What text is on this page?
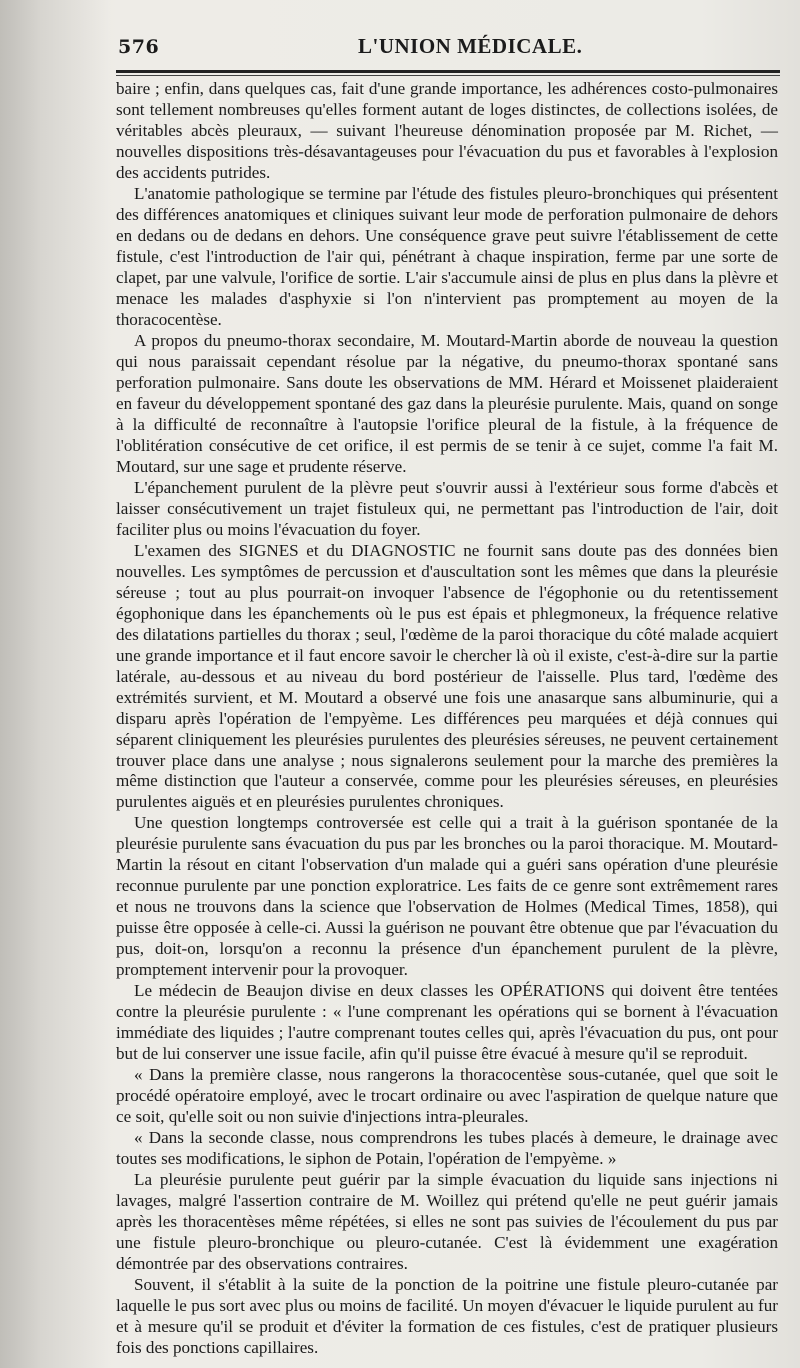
576	L'UNION MÉDICALE.

baire ; enfin, dans quelques cas, fait d'une grande importance, les adhérences costo-pulmonaires sont tellement nombreuses qu'elles forment autant de loges distinctes, de collections isolées, de véritables abcès pleuraux, — suivant l'heureuse dénomination proposée par M. Richet, — nouvelles dispositions très-désavantageuses pour l'évacuation du pus et favorables à l'explosion des accidents putrides.

L'anatomie pathologique se termine par l'étude des fistules pleuro-bronchiques qui présentent des différences anatomiques et cliniques suivant leur mode de perforation pulmonaire de dehors en dedans ou de dedans en dehors. Une conséquence grave peut suivre l'établissement de cette fistule, c'est l'introduction de l'air qui, pénétrant à chaque inspiration, ferme par une sorte de clapet, par une valvule, l'orifice de sortie. L'air s'accumule ainsi de plus en plus dans la plèvre et menace les malades d'asphyxie si l'on n'intervient pas promptement au moyen de la thoracocentèse.

A propos du pneumo-thorax secondaire, M. Moutard-Martin aborde de nouveau la question qui nous paraissait cependant résolue par la négative, du pneumo-thorax spontané sans perforation pulmonaire. Sans doute les observations de MM. Hérard et Moissenet plaideraient en faveur du développement spontané des gaz dans la pleurésie purulente. Mais, quand on songe à la difficulté de reconnaître à l'autopsie l'orifice pleural de la fistule, à la fréquence de l'oblitération consécutive de cet orifice, il est permis de se tenir à ce sujet, comme l'a fait M. Moutard, sur une sage et prudente réserve.

L'épanchement purulent de la plèvre peut s'ouvrir aussi à l'extérieur sous forme d'abcès et laisser consécutivement un trajet fistuleux qui, ne permettant pas l'introduction de l'air, doit faciliter plus ou moins l'évacuation du foyer.

L'examen des SIGNES et du DIAGNOSTIC ne fournit sans doute pas des données bien nouvelles. Les symptômes de percussion et d'auscultation sont les mêmes que dans la pleurésie séreuse ; tout au plus pourrait-on invoquer l'absence de l'égophonie ou du retentissement égophonique dans les épanchements où le pus est épais et phlegmoneux, la fréquence relative des dilatations partielles du thorax ; seul, l'œdème de la paroi thoracique du côté malade acquiert une grande importance et il faut encore savoir le chercher là où il existe, c'est-à-dire sur la partie latérale, au-dessous et au niveau du bord postérieur de l'aisselle. Plus tard, l'œdème des extrémités survient, et M. Moutard a observé une fois une anasarque sans albuminurie, qui a disparu après l'opération de l'empyème. Les différences peu marquées et déjà connues qui séparent cliniquement les pleurésies purulentes des pleurésies séreuses, ne peuvent certainement trouver place dans une analyse ; nous signalerons seulement pour la marche des premières la même distinction que l'auteur a conservée, comme pour les pleurésies séreuses, en pleurésies purulentes aiguës et en pleurésies purulentes chroniques.

Une question longtemps controversée est celle qui a trait à la guérison spontanée de la pleurésie purulente sans évacuation du pus par les bronches ou la paroi thoracique. M. Moutard-Martin la résout en citant l'observation d'un malade qui a guéri sans opération d'une pleurésie reconnue purulente par une ponction exploratrice. Les faits de ce genre sont extrêmement rares et nous ne trouvons dans la science que l'observation de Holmes (Medical Times, 1858), qui puisse être opposée à celle-ci. Aussi la guérison ne pouvant être obtenue que par l'évacuation du pus, doit-on, lorsqu'on a reconnu la présence d'un épanchement purulent de la plèvre, promptement intervenir pour la provoquer.

Le médecin de Beaujon divise en deux classes les OPÉRATIONS qui doivent être tentées contre la pleurésie purulente : « l'une comprenant les opérations qui se bornent à l'évacuation immédiate des liquides ; l'autre comprenant toutes celles qui, après l'évacuation du pus, ont pour but de lui conserver une issue facile, afin qu'il puisse être évacué à mesure qu'il se reproduit.

« Dans la première classe, nous rangerons la thoracocentèse sous-cutanée, quel que soit le procédé opératoire employé, avec le trocart ordinaire ou avec l'aspiration de quelque nature que ce soit, qu'elle soit ou non suivie d'injections intra-pleurales.

« Dans la seconde classe, nous comprendrons les tubes placés à demeure, le drainage avec toutes ses modifications, le siphon de Potain, l'opération de l'empyème. »

La pleurésie purulente peut guérir par la simple évacuation du liquide sans injections ni lavages, malgré l'assertion contraire de M. Woillez qui prétend qu'elle ne peut guérir jamais après les thoracentèses même répétées, si elles ne sont pas suivies de l'écoulement du pus par une fistule pleuro-bronchique ou pleuro-cutanée. C'est là évidemment une exagération démontrée par des observations contraires.

Souvent, il s'établit à la suite de la ponction de la poitrine une fistule pleuro-cutanée par laquelle le pus sort avec plus ou moins de facilité. Un moyen d'évacuer le liquide purulent au fur et à mesure qu'il se produit et d'éviter la formation de ces fistules, c'est de pratiquer plusieurs fois des ponctions capillaires.
